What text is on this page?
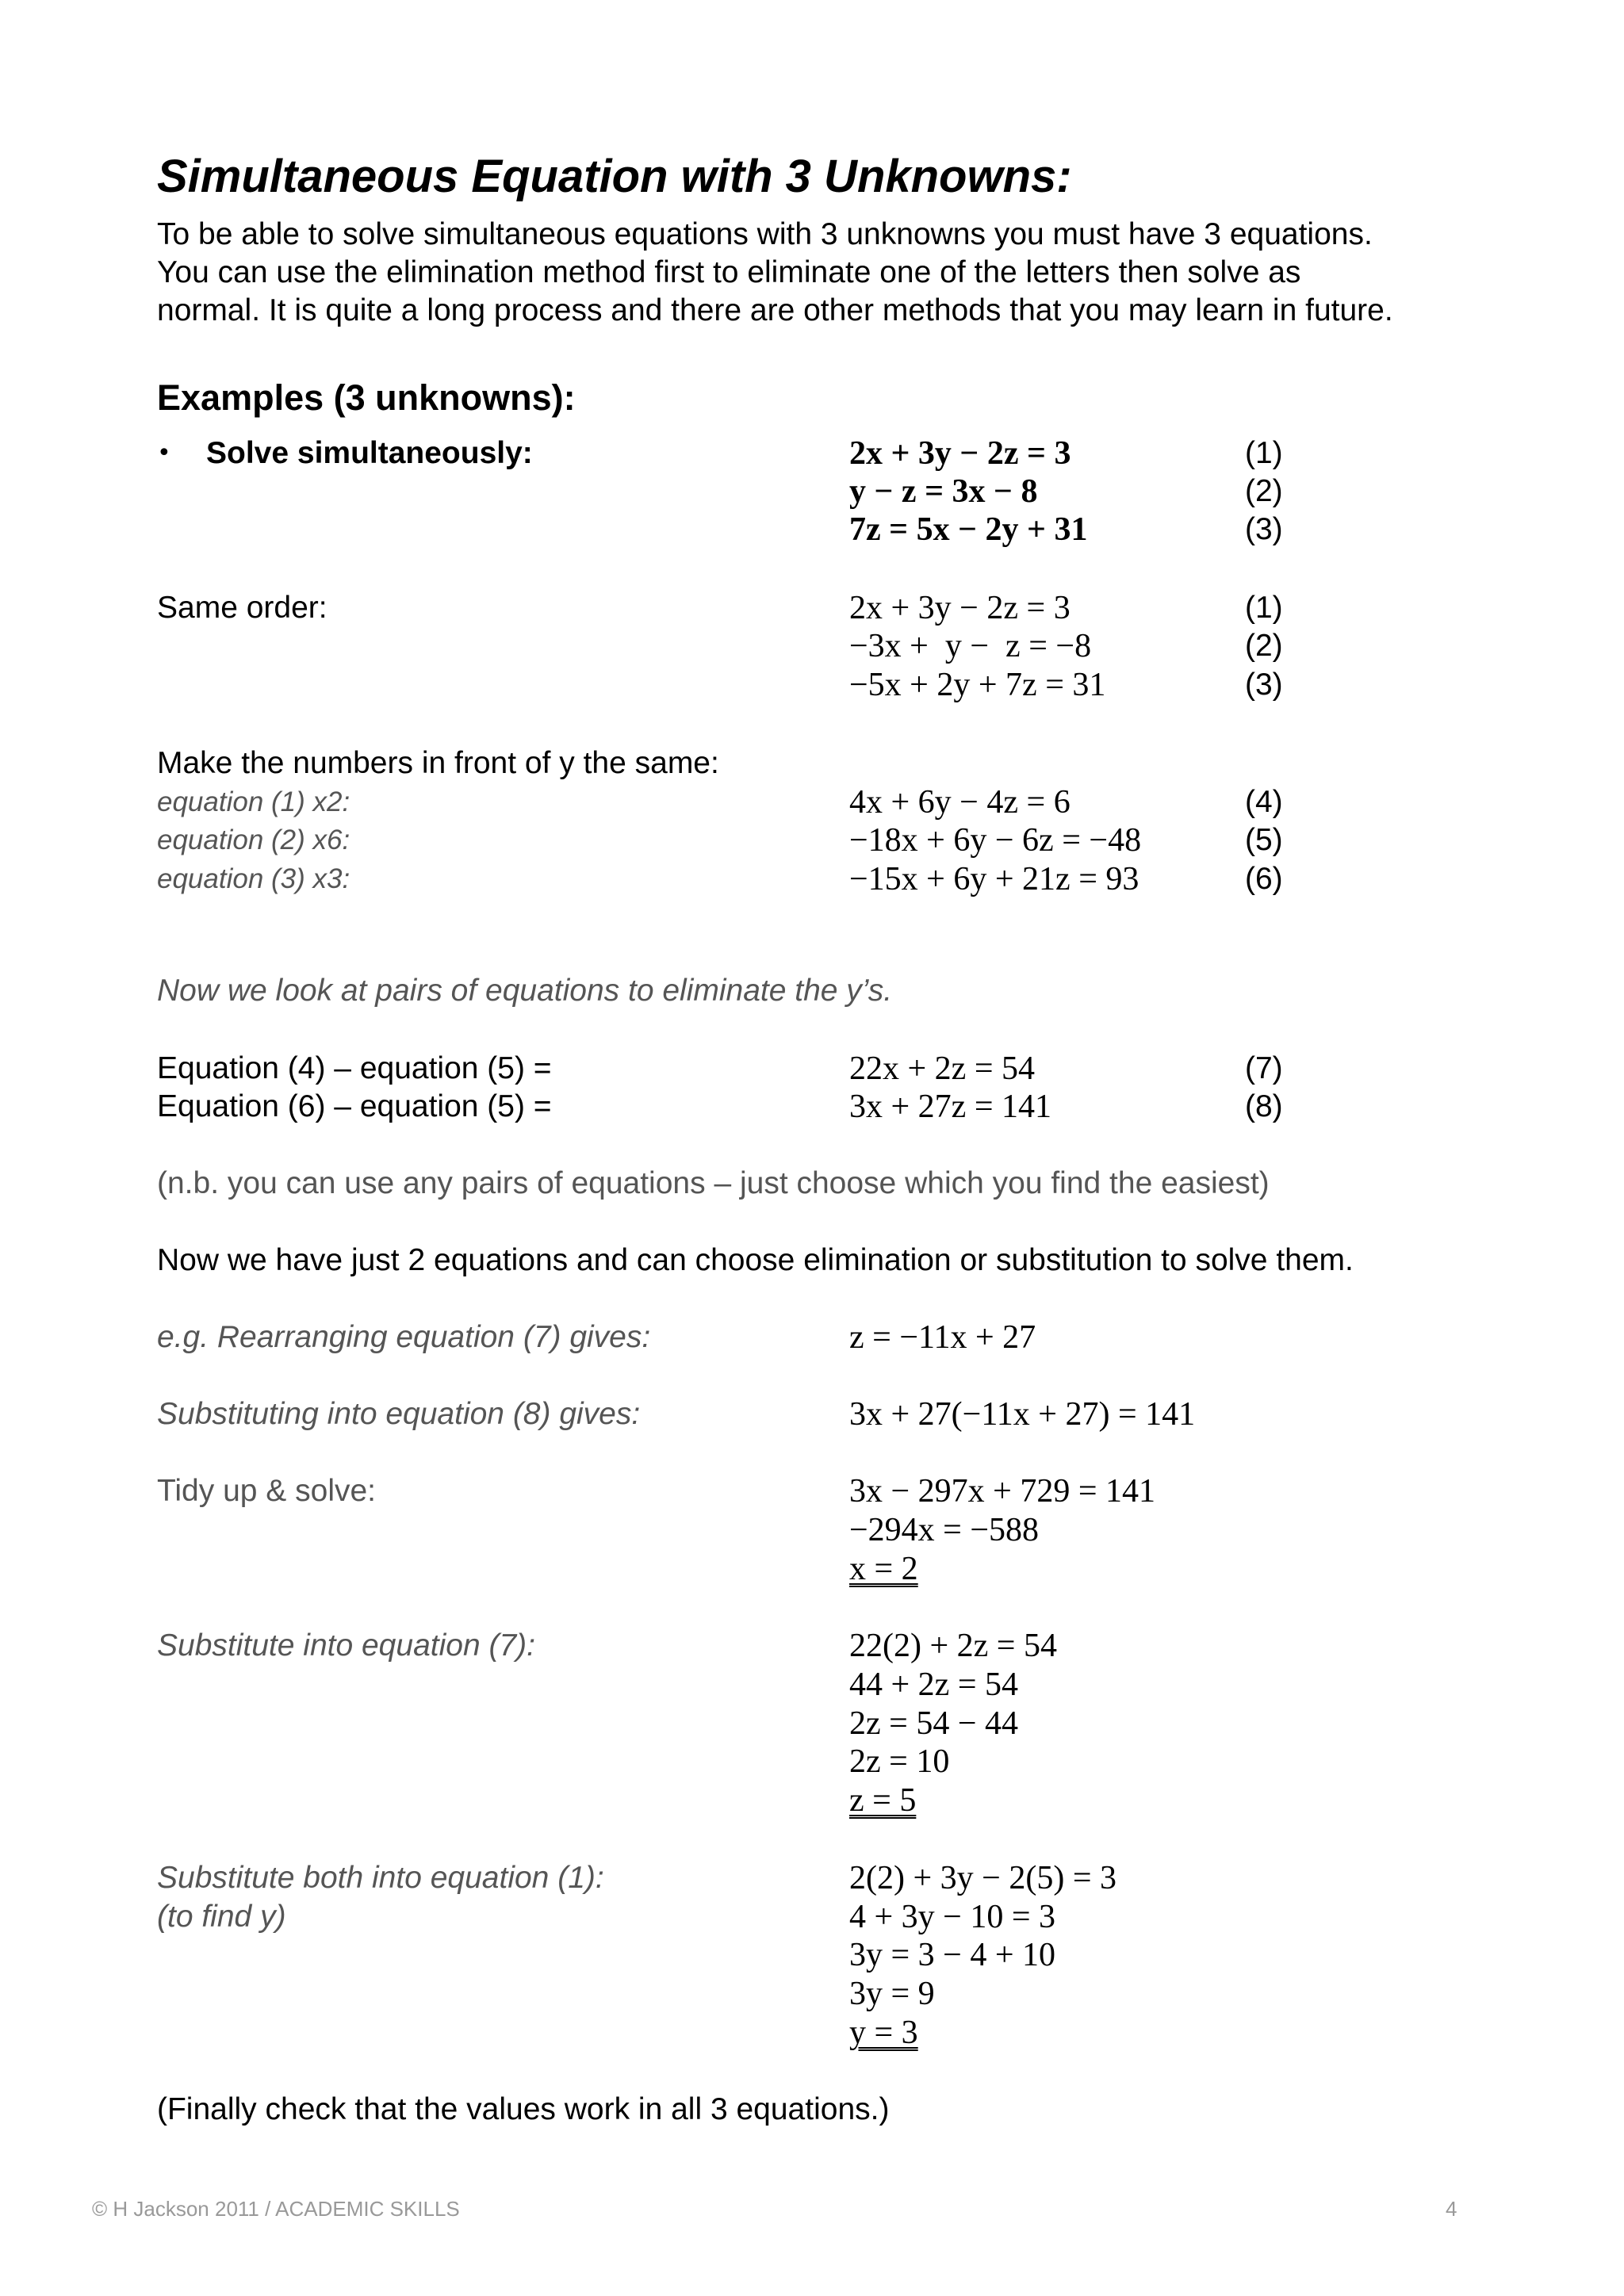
Simultaneous Equation with 3 Unknowns:

To be able to solve simultaneous equations with 3 unknowns you must have 3 equations.
You can use the elimination method first to eliminate one of the letters then solve as
normal. It is quite a long process and there are other methods that you may learn in future.

Examples (3 unknowns):
• Solve simultaneously:	2x + 3y − 2z = 3	(1)
y − z = 3x − 8	(2)
7z = 5x − 2y + 31	(3)
Same order:	2x + 3y − 2z = 3	(1)
−3x +  y −  z = −8	(2)
−5x + 2y + 7z = 31	(3)
Make the numbers in front of y the same:
equation (1) x2:	4x + 6y − 4z = 6	(4)
equation (2) x6:	−18x + 6y − 6z = −48	(5)
equation (3) x3:	−15x + 6y + 21z = 93	(6)
Now we look at pairs of equations to eliminate the y’s.
Equation (4) – equation (5) =	22x + 2z = 54	(7)
Equation (6) – equation (5) =	3x + 27z = 141	(8)
(n.b. you can use any pairs of equations – just choose which you find the easiest)
Now we have just 2 equations and can choose elimination or substitution to solve them.
e.g. Rearranging equation (7) gives:	z = −11x + 27
Substituting into equation (8) gives:	3x + 27(−11x + 27) = 141
Tidy up & solve:	3x − 297x + 729 = 141
−294x = −588
x = 2
Substitute into equation (7):	22(2) + 2z = 54
44 + 2z = 54
2z = 54 − 44
2z = 10
z = 5
Substitute both into equation (1):	2(2) + 3y − 2(5) = 3
(to find y)	4 + 3y − 10 = 3
3y = 3 − 4 + 10
3y = 9
y = 3
(Finally check that the values work in all 3 equations.)
© H Jackson 2011 / ACADEMIC SKILLS	4
